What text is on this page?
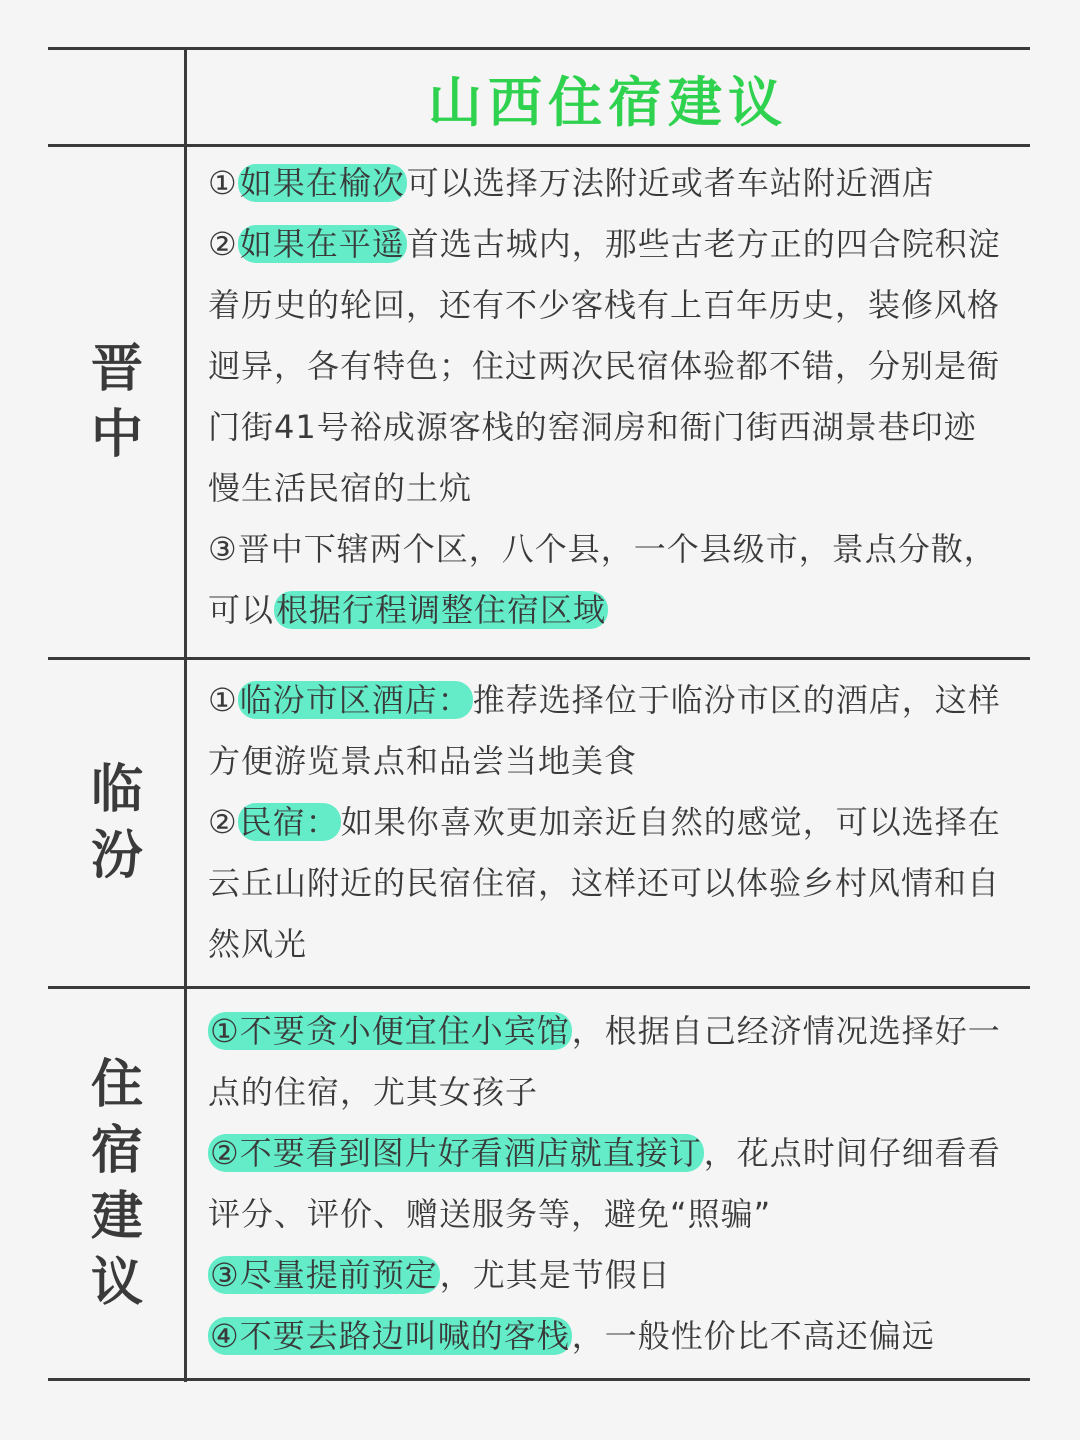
山西住宿建议
晋
中

①如果在榆次可以选择万法附近或者车站附近酒店

②如果在平遥首选古城内，那些古老方正的四合院积淀着历史的轮回，还有不少客栈有上百年历史，装修风格迥异，各有特色；住过两次民宿体验都不错，分别是衙门街41号裕成源客栈的窑洞房和衙门街西湖景巷印迹慢生活民宿的土炕

③晋中下辖两个区，八个县，一个县级市，景点分散，可以根据行程调整住宿区域

临
汾

①临汾市区酒店：推荐选择位于临汾市区的酒店，这样方便游览景点和品尝当地美食

②民宿：如果你喜欢更加亲近自然的感觉，可以选择在云丘山附近的民宿住宿，这样还可以体验乡村风情和自然风光

住
宿
建
议

①不要贪小便宜住小宾馆，根据自己经济情况选择好一点的住宿，尤其女孩子

②不要看到图片好看酒店就直接订，花点时间仔细看看评分、评价、赠送服务等，避免“照骗”

③尽量提前预定，尤其是节假日

④不要去路边叫喊的客栈，一般性价比不高还偏远
